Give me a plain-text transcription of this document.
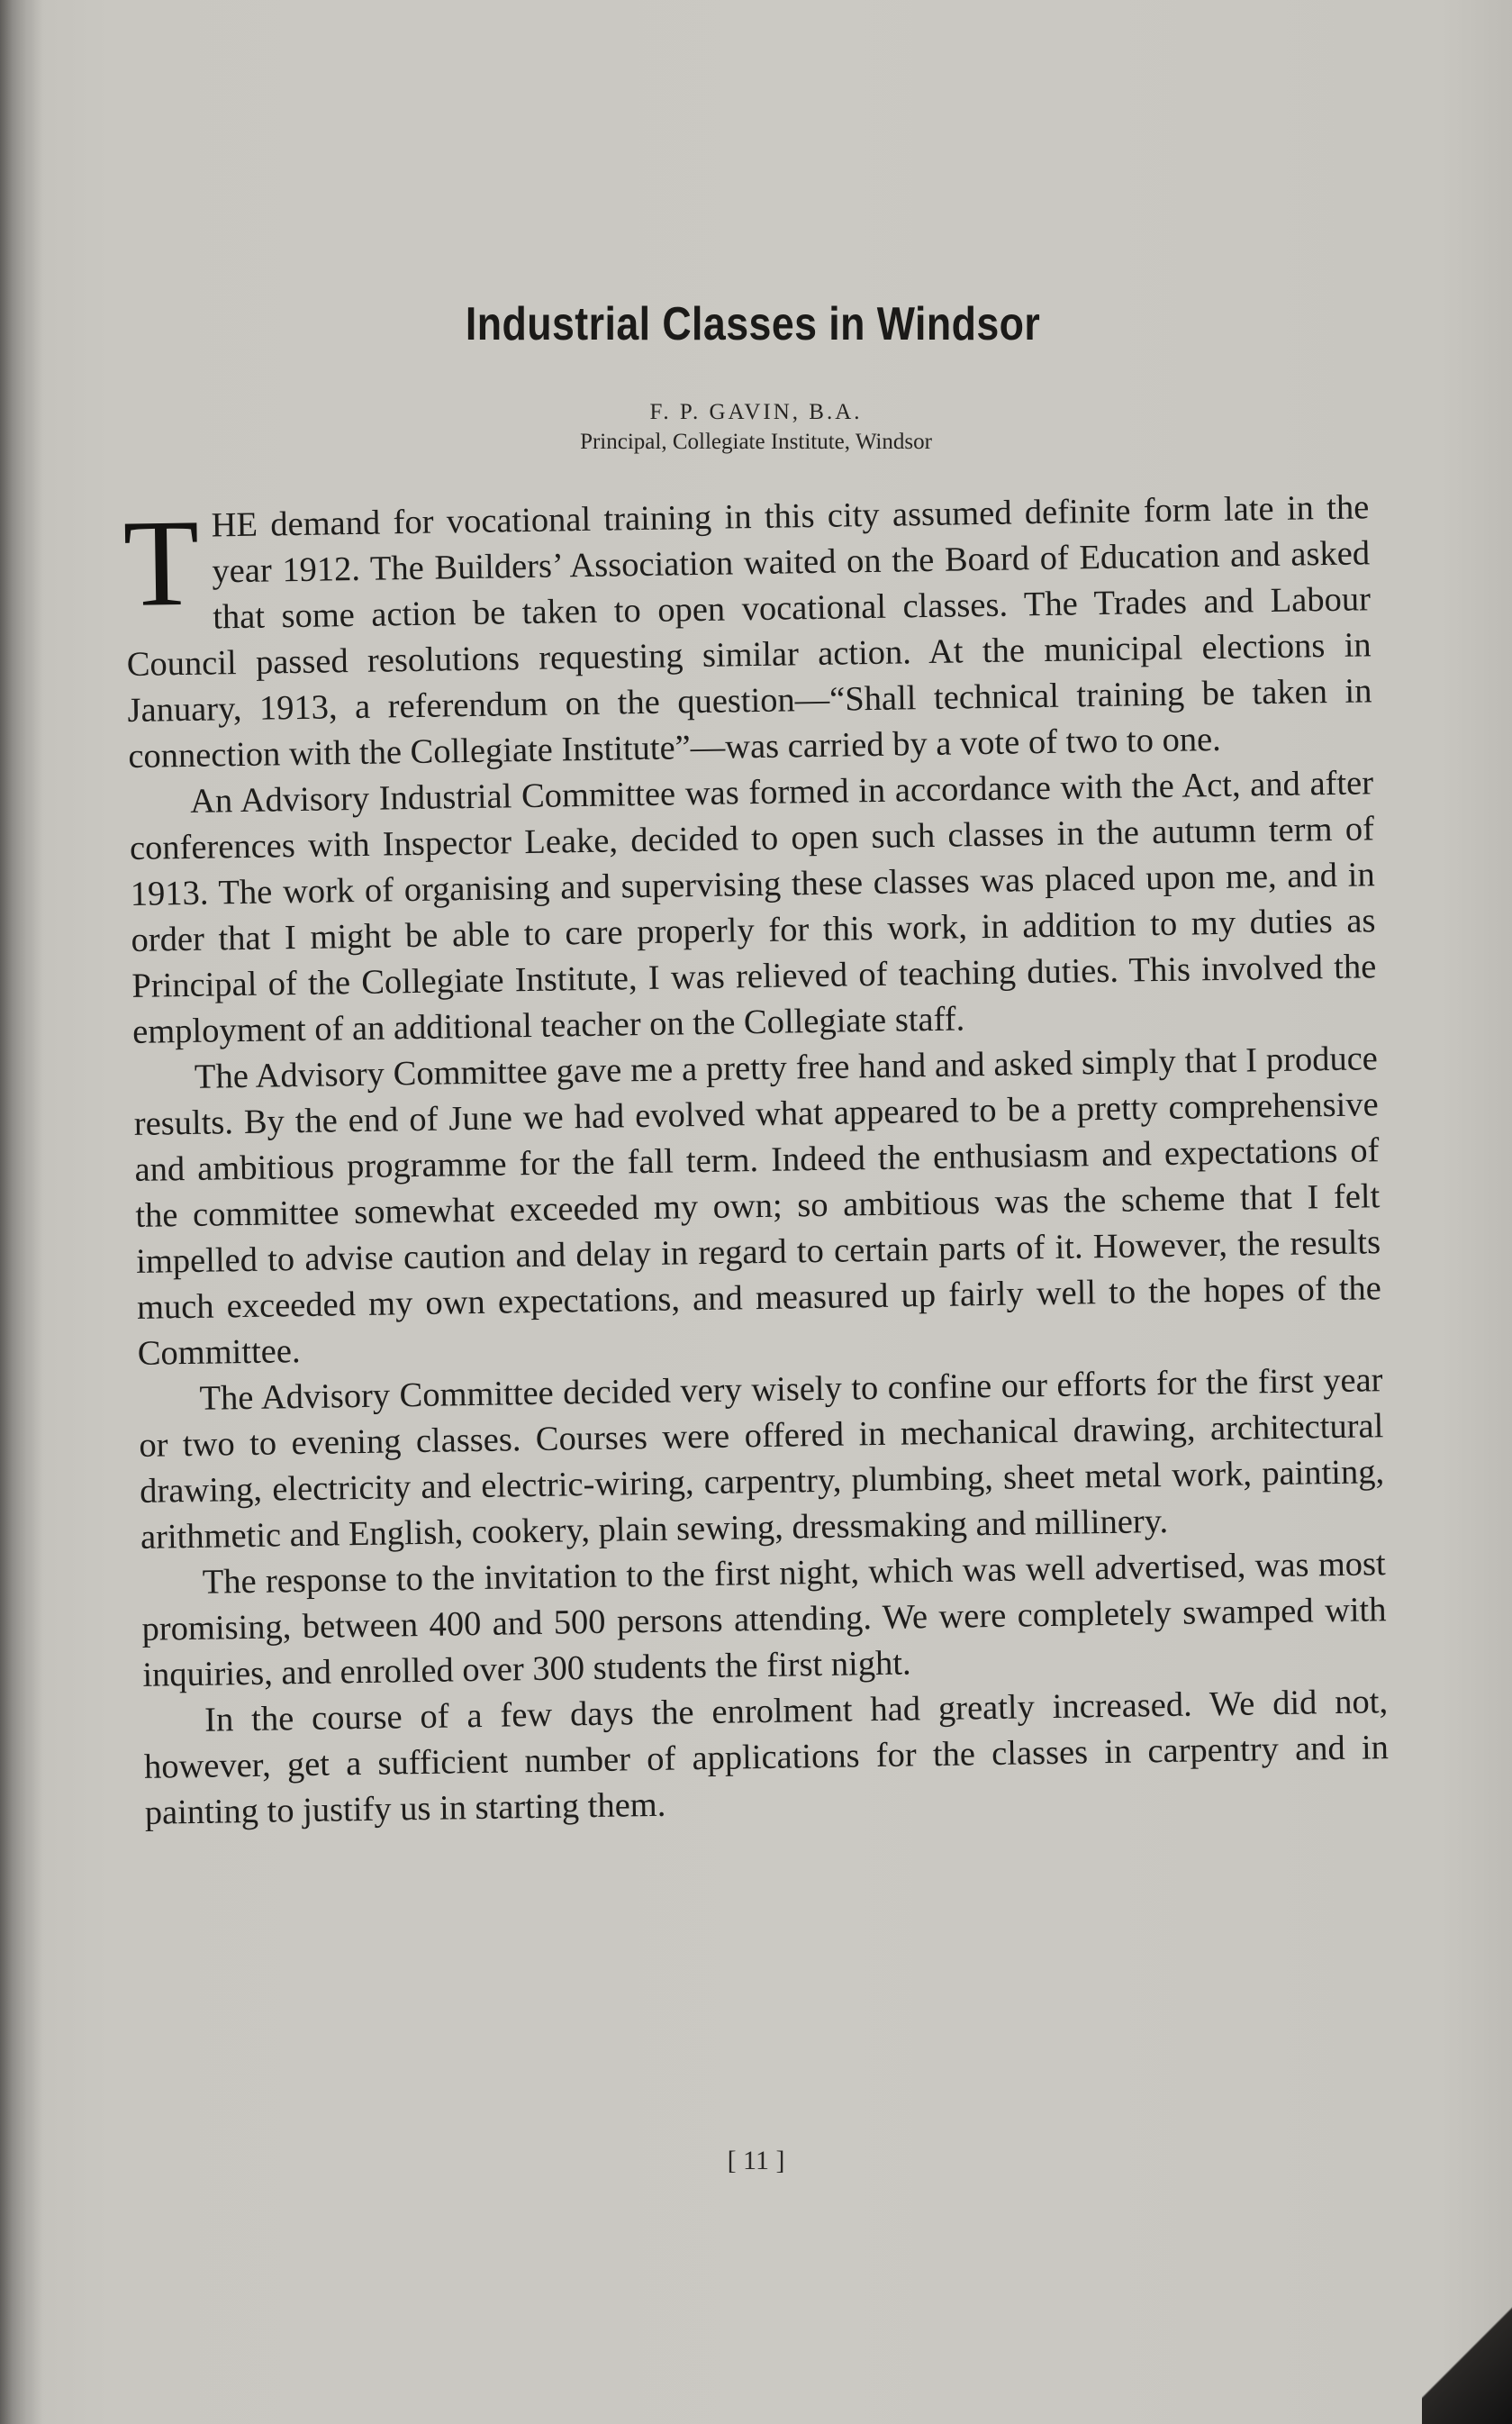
Industrial Classes in Windsor
F. P. GAVIN, B.A.
Principal, Collegiate Institute, Windsor

THE demand for vocational training in this city assumed definite form late in the year 1912. The Builders’ Association waited on the Board of Education and asked that some action be taken to open vocational classes. The Trades and Labour Council passed resolutions requesting similar action. At the municipal elections in January, 1913, a referendum on the question—“Shall technical training be taken in connection with the Collegiate Institute”—was carried by a vote of two to one.

An Advisory Industrial Committee was formed in accordance with the Act, and after conferences with Inspector Leake, decided to open such classes in the autumn term of 1913. The work of organising and supervising these classes was placed upon me, and in order that I might be able to care properly for this work, in addition to my duties as Principal of the Collegiate Institute, I was relieved of teaching duties. This involved the employment of an additional teacher on the Collegiate staff.

The Advisory Committee gave me a pretty free hand and asked simply that I produce results. By the end of June we had evolved what appeared to be a pretty comprehensive and ambitious programme for the fall term. Indeed the enthusiasm and expectations of the committee somewhat exceeded my own; so ambitious was the scheme that I felt impelled to advise caution and delay in regard to certain parts of it. However, the results much exceeded my own expectations, and measured up fairly well to the hopes of the Committee.

The Advisory Committee decided very wisely to confine our efforts for the first year or two to evening classes. Courses were offered in mechanical drawing, architectural drawing, electricity and electric-wiring, carpentry, plumbing, sheet metal work, painting, arithmetic and English, cookery, plain sewing, dressmaking and millinery.

The response to the invitation to the first night, which was well advertised, was most promising, between 400 and 500 persons attending. We were completely swamped with inquiries, and enrolled over 300 students the first night.

In the course of a few days the enrolment had greatly increased. We did not, however, get a sufficient number of applications for the classes in carpentry and in painting to justify us in starting them.

[ 11 ]
